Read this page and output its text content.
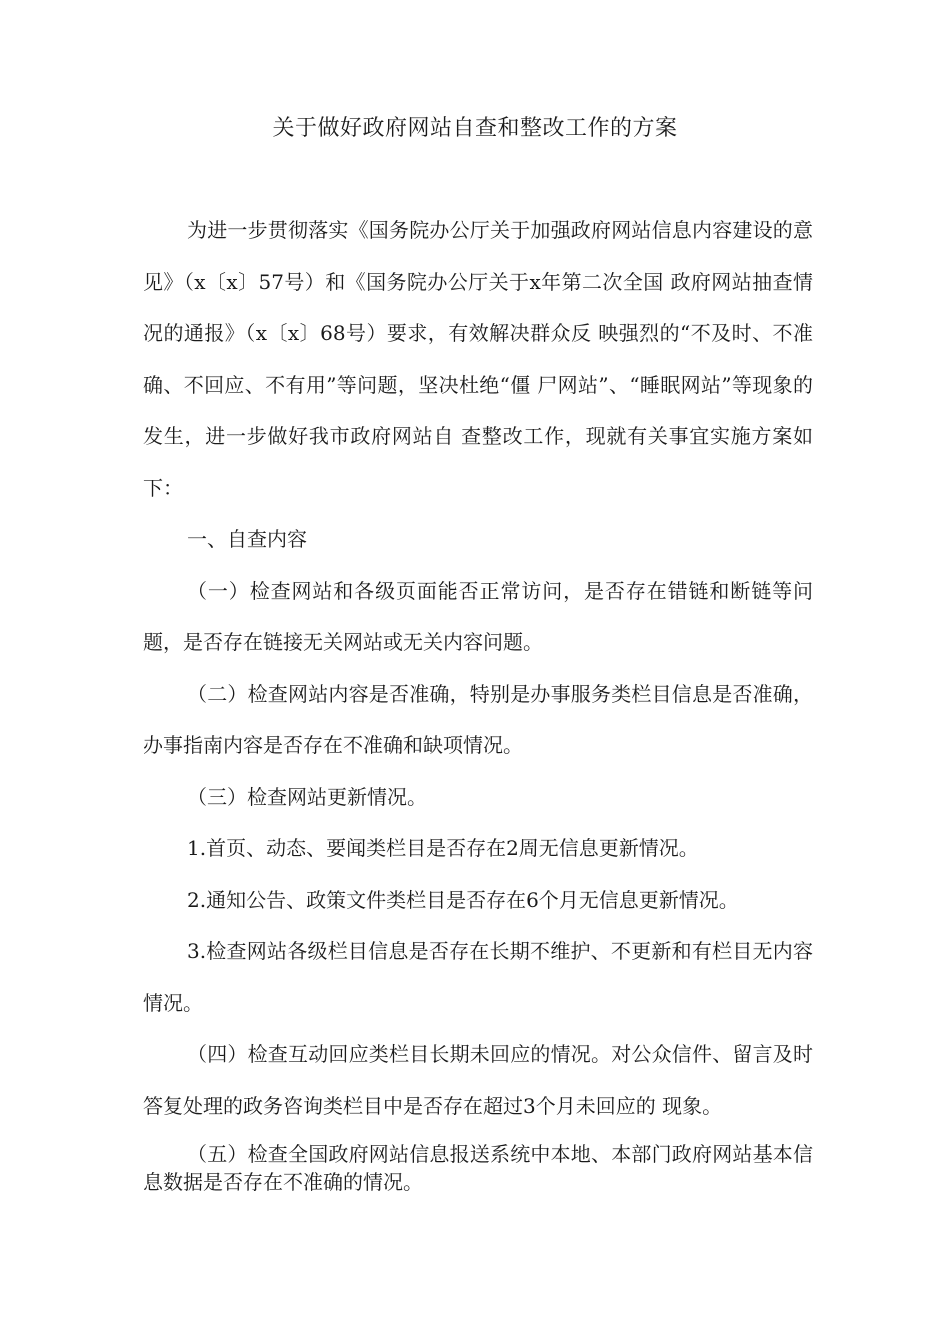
关于做好政府网站自查和整改工作的方案

为进一步贯彻落实《国务院办公厅关于加强政府网站信息内容建设的意见》（x〔x〕57号）和《国务院办公厅关于x年第二次全国 政府网站抽查情况的通报》（x〔x〕68号）要求，有效解决群众反 映强烈的“不及时、不准确、不回应、不有用”等问题，坚决杜绝“僵 尸网站”、“睡眠网站”等现象的发生，进一步做好我市政府网站自 查整改工作，现就有关事宜实施方案如下：

一、自查内容

（一）检查网站和各级页面能否正常访问，是否存在错链和断链等问题，是否存在链接无关网站或无关内容问题。

（二）检查网站内容是否准确，特别是办事服务类栏目信息是否准确，办事指南内容是否存在不准确和缺项情况。

（三）检查网站更新情况。

1.首页、动态、要闻类栏目是否存在2周无信息更新情况。

2.通知公告、政策文件类栏目是否存在6个月无信息更新情况。

3.检查网站各级栏目信息是否存在长期不维护、不更新和有栏目无内容情况。

（四）检查互动回应类栏目长期未回应的情况。对公众信件、留言及时答复处理的政务咨询类栏目中是否存在超过3个月未回应的 现象。

（五）检查全国政府网站信息报送系统中本地、本部门政府网站基本信息数据是否存在不准确的情况。
